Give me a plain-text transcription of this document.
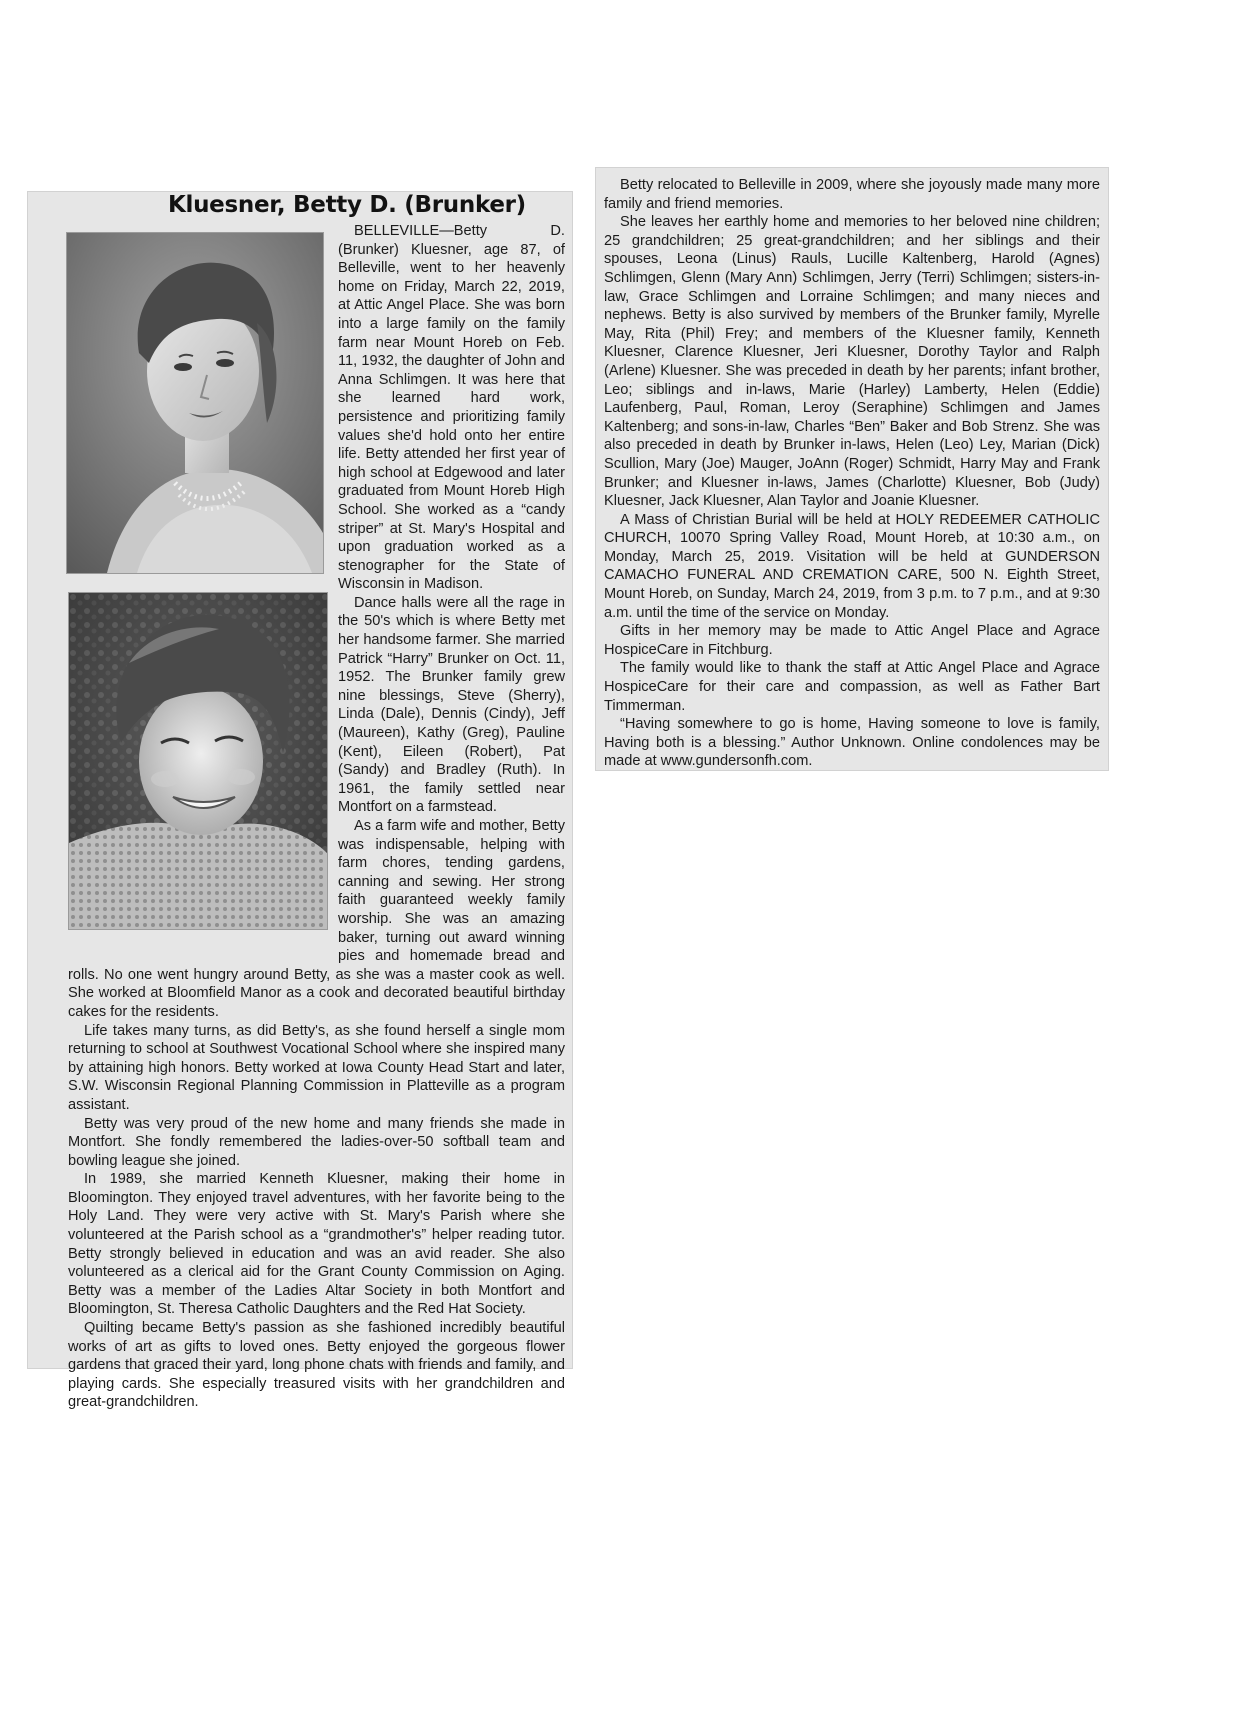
Kluesner, Betty D. (Brunker)

BELLEVILLE—Betty D. (Brunker) Kluesner, age 87, of Belleville, went to her heavenly home on Friday, March 22, 2019, at Attic Angel Place. She was born into a large family on the family farm near Mount Horeb on Feb. 11, 1932, the daughter of John and Anna Schlimgen. It was here that she learned hard work, persistence and prioritizing family values she'd hold onto her entire life. Betty attended her first year of high school at Edgewood and later graduated from Mount Horeb High School. She worked as a “candy striper” at St. Mary's Hospital and upon graduation worked as a stenographer for the State of Wisconsin in Madison.

Dance halls were all the rage in the 50's which is where Betty met her handsome farmer. She married Patrick “Harry” Brunker on Oct. 11, 1952. The Brunker family grew nine blessings, Steve (Sherry), Linda (Dale), Dennis (Cindy), Jeff (Maureen), Kathy (Greg), Pauline (Kent), Eileen (Robert), Pat (Sandy) and Bradley (Ruth). In 1961, the family settled near Montfort on a farmstead.

As a farm wife and mother, Betty was indispensable, helping with farm chores, tending gardens, canning and sewing. Her strong faith guaranteed weekly family worship. She was an amazing baker, turning out award winning pies and homemade bread and rolls. No one went hungry around Betty, as she was a master cook as well. She worked at Bloomfield Manor as a cook and decorated beautiful birthday cakes for the residents.

Life takes many turns, as did Betty's, as she found herself a single mom returning to school at Southwest Vocational School where she inspired many by attaining high honors. Betty worked at Iowa County Head Start and later, S.W. Wisconsin Regional Planning Commission in Platteville as a program assistant.

Betty was very proud of the new home and many friends she made in Montfort. She fondly remembered the ladies-over-50 softball team and bowling league she joined.

In 1989, she married Kenneth Kluesner, making their home in Bloomington. They enjoyed travel adventures, with her favorite being to the Holy Land. They were very active with St. Mary's Parish where she volunteered at the Parish school as a “grandmother's” helper reading tutor. Betty strongly believed in education and was an avid reader. She also volunteered as a clerical aid for the Grant County Commission on Aging. Betty was a member of the Ladies Altar Society in both Montfort and Bloomington, St. Theresa Catholic Daughters and the Red Hat Society.

Quilting became Betty's passion as she fashioned incredibly beautiful works of art as gifts to loved ones. Betty enjoyed the gorgeous flower gardens that graced their yard, long phone chats with friends and family, and playing cards. She especially treasured visits with her grandchildren and great-grandchildren.

Betty relocated to Belleville in 2009, where she joyously made many more family and friend memories.

She leaves her earthly home and memories to her beloved nine children; 25 grandchildren; 25 great-grandchildren; and her siblings and their spouses, Leona (Linus) Rauls, Lucille Kaltenberg, Harold (Agnes) Schlimgen, Glenn (Mary Ann) Schlimgen, Jerry (Terri) Schlimgen; sisters-in-law, Grace Schlimgen and Lorraine Schlimgen; and many nieces and nephews. Betty is also survived by members of the Brunker family, Myrelle May, Rita (Phil) Frey; and members of the Kluesner family, Kenneth Kluesner, Clarence Kluesner, Jeri Kluesner, Dorothy Taylor and Ralph (Arlene) Kluesner. She was preceded in death by her parents; infant brother, Leo; siblings and in-laws, Marie (Harley) Lamberty, Helen (Eddie) Laufenberg, Paul, Roman, Leroy (Seraphine) Schlimgen and James Kaltenberg; and sons-in-law, Charles “Ben” Baker and Bob Strenz. She was also preceded in death by Brunker in-laws, Helen (Leo) Ley, Marian (Dick) Scullion, Mary (Joe) Mauger, JoAnn (Roger) Schmidt, Harry May and Frank Brunker; and Kluesner in-laws, James (Charlotte) Kluesner, Bob (Judy) Kluesner, Jack Kluesner, Alan Taylor and Joanie Kluesner.

A Mass of Christian Burial will be held at HOLY REDEEMER CATHOLIC CHURCH, 10070 Spring Valley Road, Mount Horeb, at 10:30 a.m., on Monday, March 25, 2019. Visitation will be held at GUNDERSON CAMACHO FUNERAL AND CREMATION CARE, 500 N. Eighth Street, Mount Horeb, on Sunday, March 24, 2019, from 3 p.m. to 7 p.m., and at 9:30 a.m. until the time of the service on Monday.

Gifts in her memory may be made to Attic Angel Place and Agrace HospiceCare in Fitchburg.

The family would like to thank the staff at Attic Angel Place and Agrace HospiceCare for their care and compassion, as well as Father Bart Timmerman.

“Having somewhere to go is home, Having someone to love is family, Having both is a blessing.” Author Unknown. Online condolences may be made at www.gundersonfh.com.
